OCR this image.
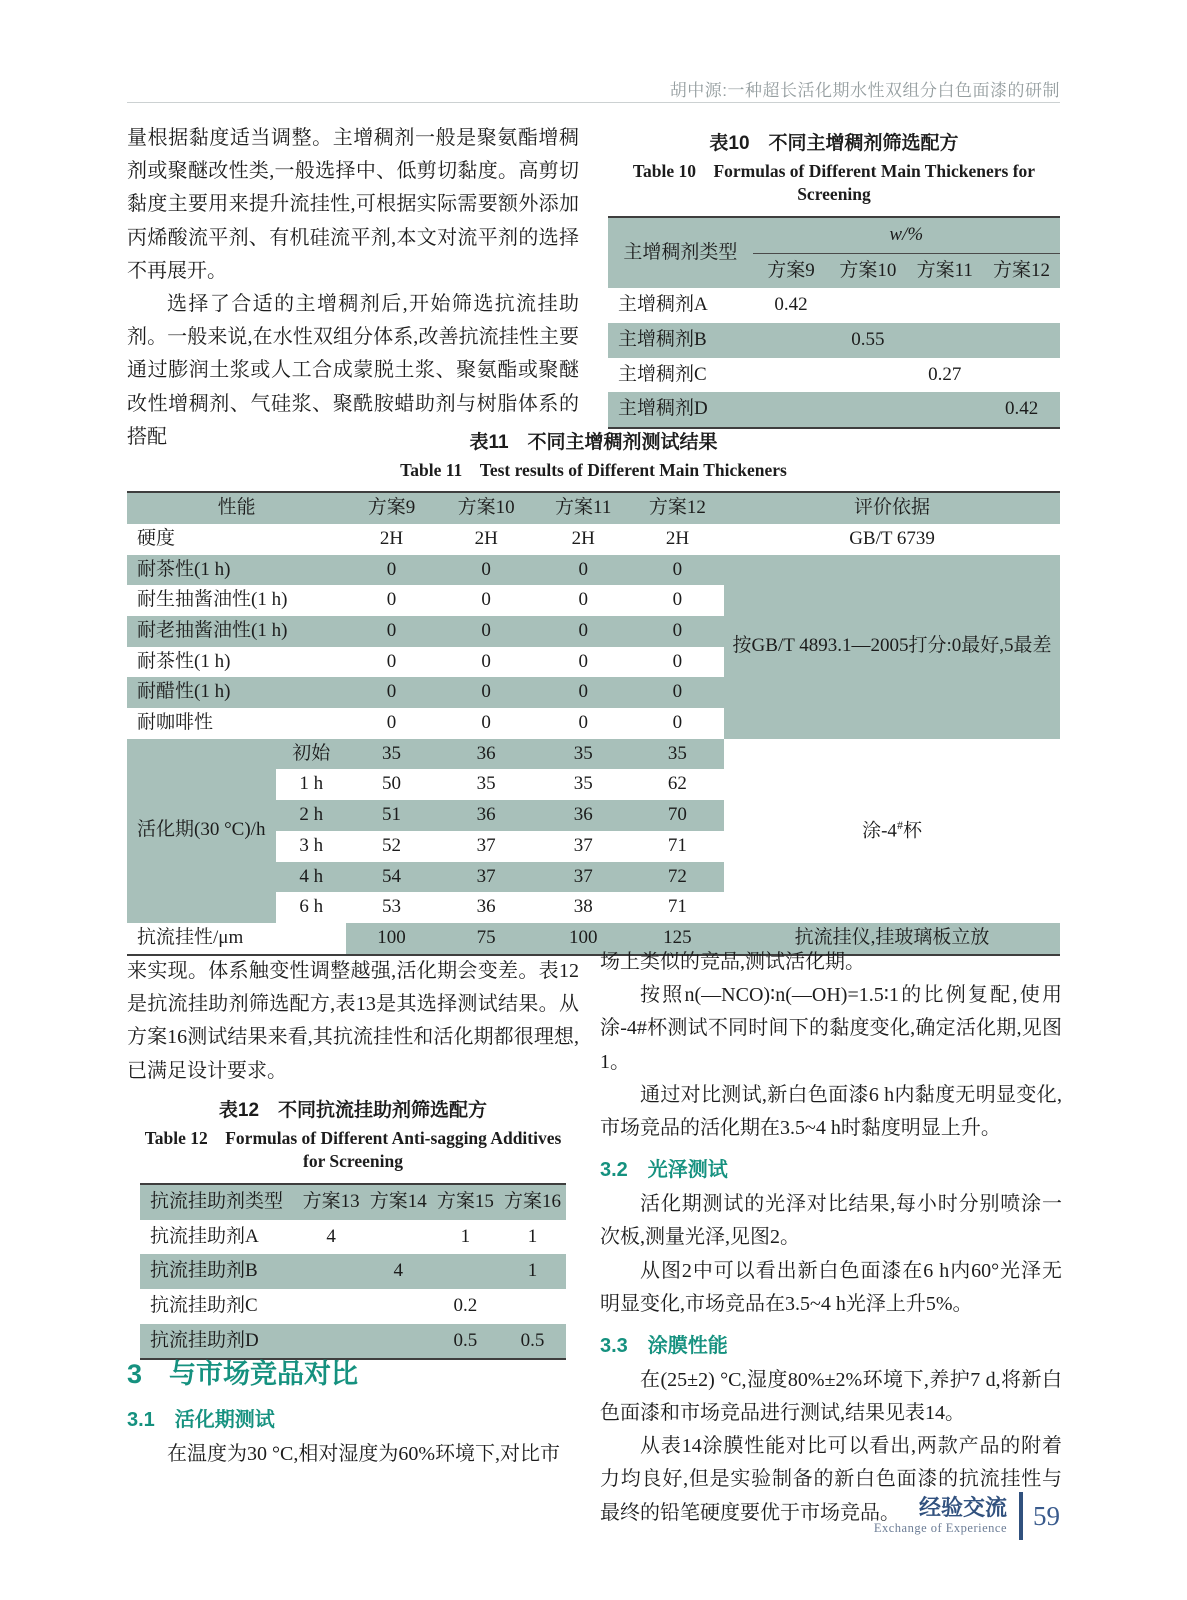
胡中源:一种超长活化期水性双组分白色面漆的研制

量根据黏度适当调整。主增稠剂一般是聚氨酯增稠剂或聚醚改性类,一般选择中、低剪切黏度。高剪切黏度主要用来提升流挂性,可根据实际需要额外添加丙烯酸流平剂、有机硅流平剂,本文对流平剂的选择不再展开。

选择了合适的主增稠剂后,开始筛选抗流挂助剂。一般来说,在水性双组分体系,改善抗流挂性主要通过膨润土浆或人工合成蒙脱土浆、聚氨酯或聚醚改性增稠剂、气硅浆、聚酰胺蜡助剂与树脂体系的搭配

表10　不同主增稠剂筛选配方
Table 10　Formulas of Different Main Thickeners for Screening
主增稠剂类型	w/%			
	方案9	方案10	方案11	方案12
主增稠剂A	0.42			
主增稠剂B		0.55		
主增稠剂C			0.27	
主增稠剂D				0.42
表11　不同主增稠剂测试结果
Table 11　Test results of Different Main Thickeners
性能		方案9	方案10	方案11	方案12	评价依据
硬度		2H	2H	2H	2H	GB/T 6739
耐茶性(1 h)		0	0	0	0	按GB/T 4893.1—2005打分:0最好,5最差
耐生抽酱油性(1 h)		0	0	0	0	
耐老抽酱油性(1 h)		0	0	0	0	
耐茶性(1 h)		0	0	0	0	
耐醋性(1 h)		0	0	0	0	
耐咖啡性		0	0	0	0	
活化期(30 °C)/h	初始	35	36	35	35	涂-4#杯
	1 h	50	35	35	62	
	2 h	51	36	36	70	
	3 h	52	37	37	71	
	4 h	54	37	37	72	
	6 h	53	36	38	71	
抗流挂性/μm		100	75	100	125	抗流挂仪,挂玻璃板立放

来实现。体系触变性调整越强,活化期会变差。表12是抗流挂助剂筛选配方,表13是其选择测试结果。从方案16测试结果来看,其抗流挂性和活化期都很理想,已满足设计要求。

表12　不同抗流挂助剂筛选配方
Table 12　Formulas of Different Anti-sagging Additives for Screening
抗流挂助剂类型	方案13	方案14	方案15	方案16
抗流挂助剂A	4		1	1
抗流挂助剂B		4		1
抗流挂助剂C			0.2	
抗流挂助剂D			0.5	0.5
3　与市场竞品对比
3.1　活化期测试

在温度为30 °C,相对湿度为60%环境下,对比市

场上类似的竞品,测试活化期。

按照n(—NCO)∶n(—OH)=1.5∶1的比例复配,使用涂-4#杯测试不同时间下的黏度变化,确定活化期,见图1。

通过对比测试,新白色面漆6 h内黏度无明显变化,市场竞品的活化期在3.5~4 h时黏度明显上升。

3.2　光泽测试

活化期测试的光泽对比结果,每小时分别喷涂一次板,测量光泽,见图2。

从图2中可以看出新白色面漆在6 h内60°光泽无明显变化,市场竞品在3.5~4 h光泽上升5%。

3.3　涂膜性能

在(25±2) °C,湿度80%±2%环境下,养护7 d,将新白色面漆和市场竞品进行测试,结果见表14。

从表14涂膜性能对比可以看出,两款产品的附着力均良好,但是实验制备的新白色面漆的抗流挂性与最终的铅笔硬度要优于市场竞品。 经验交流
Exchange of Experience 59
